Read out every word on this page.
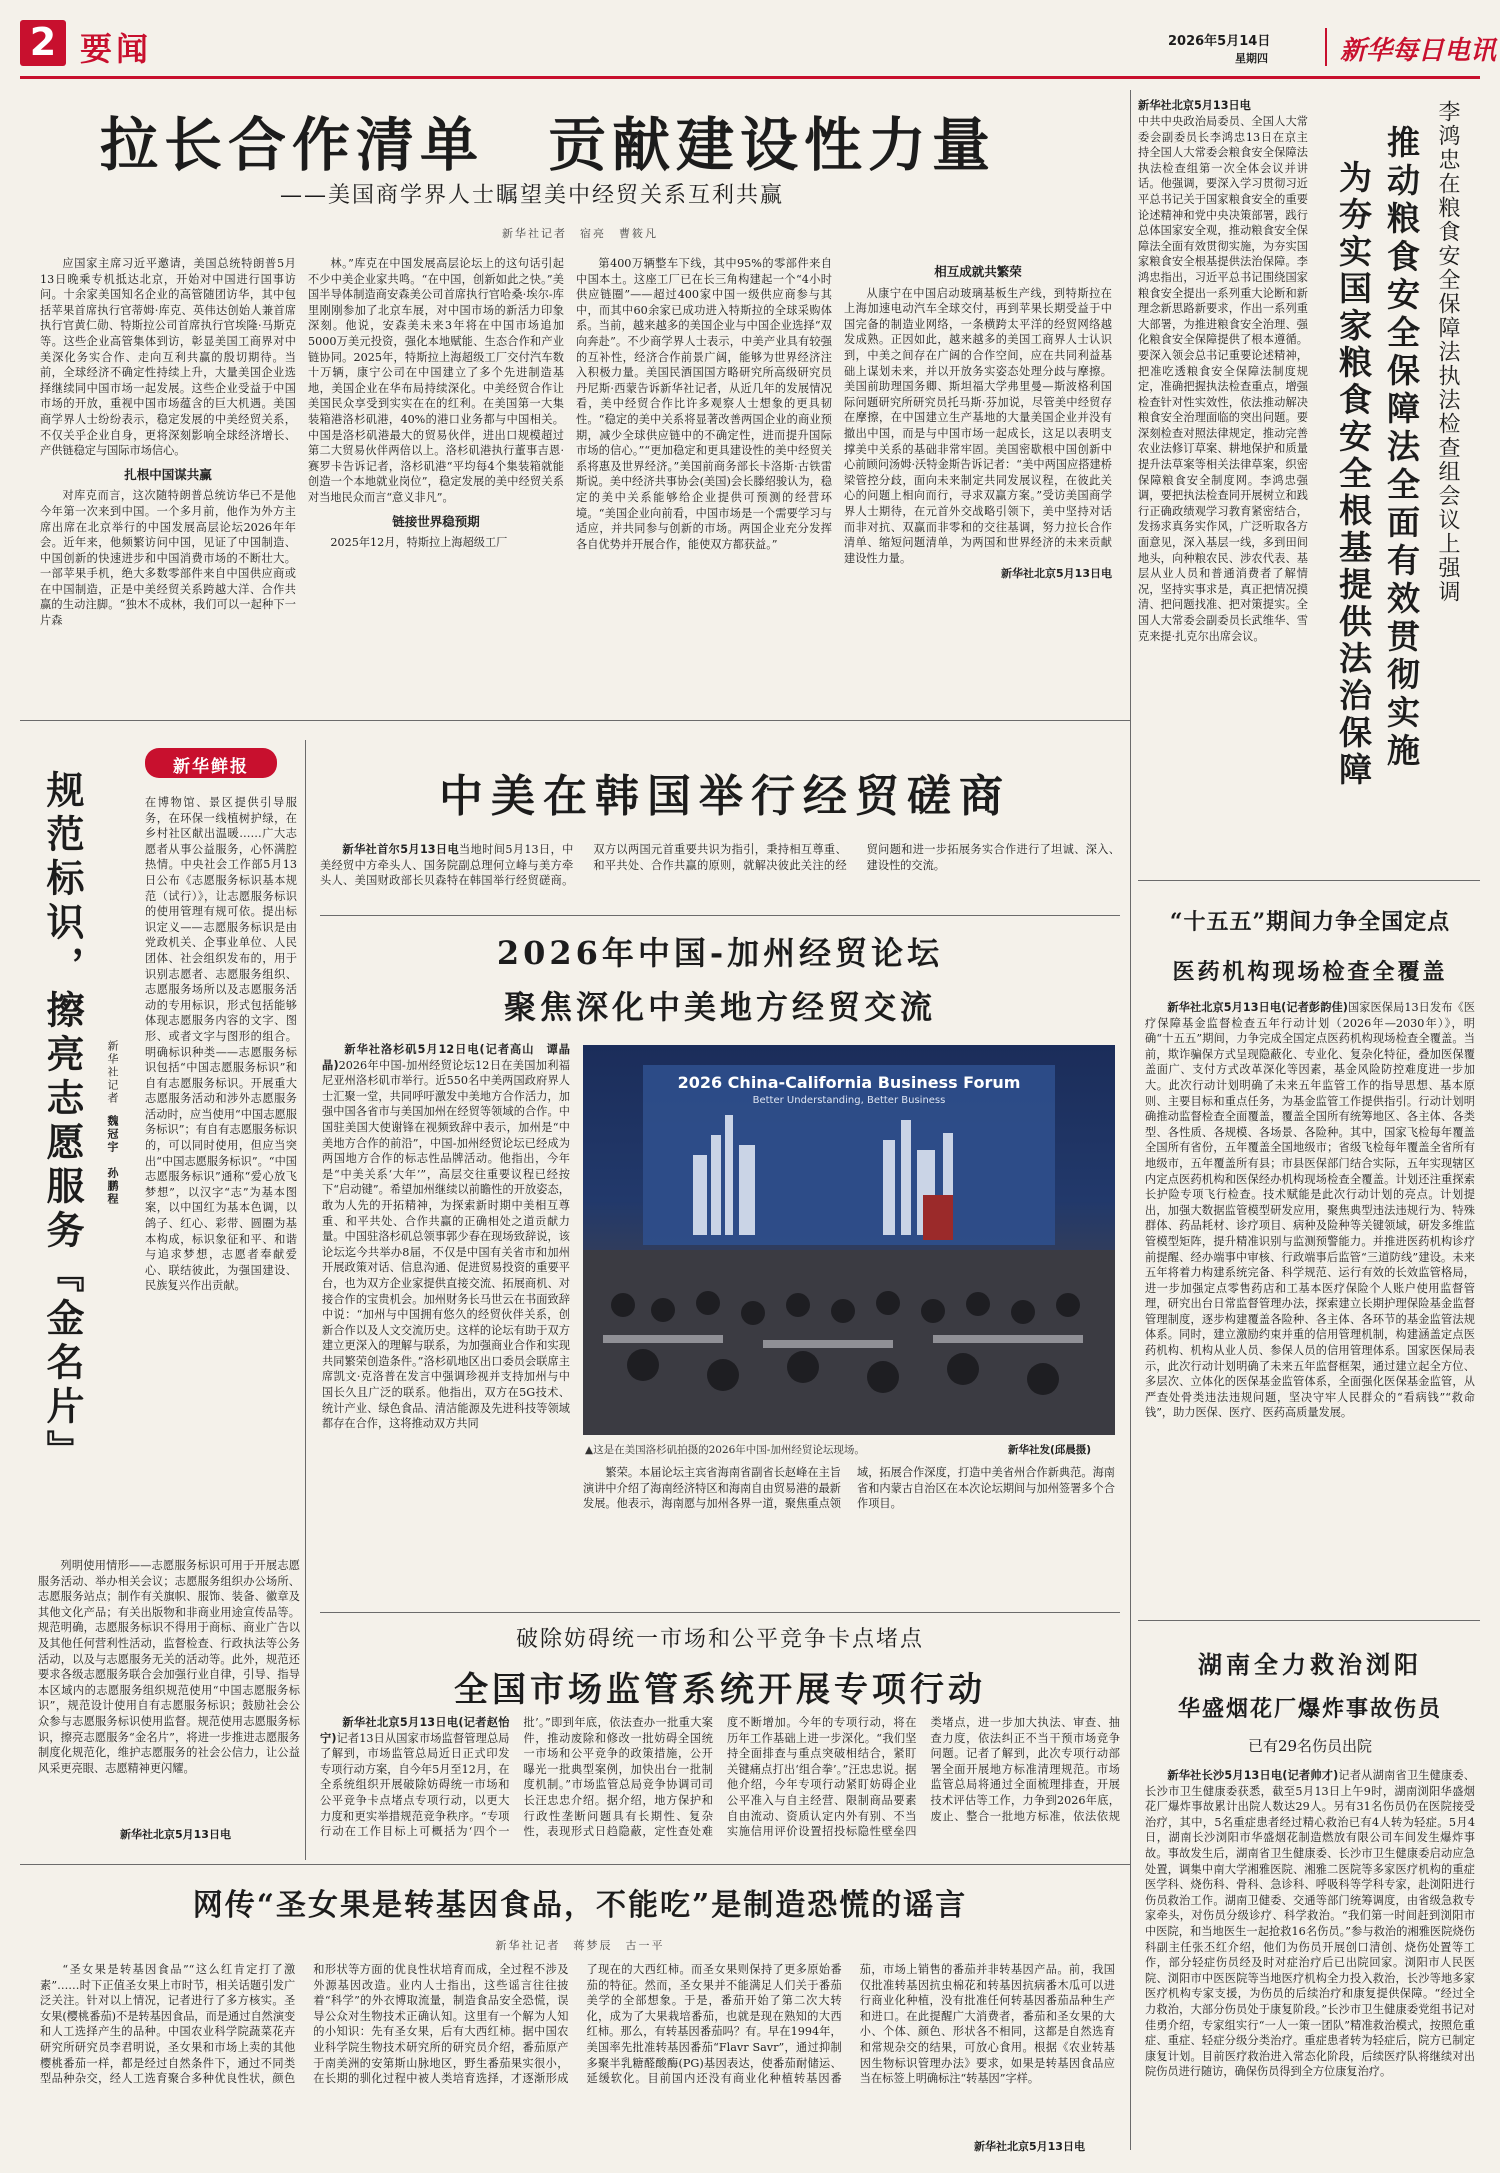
2 要闻	2026年5月14日
星期四	新华每日电讯
拉长合作清单　贡献建设性力量
——美国商学界人士瞩望美中经贸关系互利共赢
新华社记者　宿亮　曹筱凡

应国家主席习近平邀请，美国总统特朗普5月13日晚乘专机抵达北京，开始对中国进行国事访问。十余家美国知名企业的高管随团访华，其中包括苹果首席执行官蒂姆·库克、英伟达创始人兼首席执行官黄仁勋、特斯拉公司首席执行官埃隆·马斯克等。这些企业高管集体到访，彰显美国工商界对中美深化务实合作、走向互利共赢的殷切期待。当前，全球经济不确定性持续上升，大量美国企业选择继续同中国市场一起发展。这些企业受益于中国市场的开放，重视中国市场蕴含的巨大机遇。美国商学界人士纷纷表示，稳定发展的中美经贸关系，不仅关乎企业自身，更将深刻影响全球经济增长、产供链稳定与国际市场信心。

扎根中国谋共赢

对库克而言，这次随特朗普总统访华已不是他今年第一次来到中国。一个多月前，他作为外方主席出席在北京举行的中国发展高层论坛2026年年会。近年来，他频繁访问中国，见证了中国制造、中国创新的快速进步和中国消费市场的不断壮大。一部苹果手机，绝大多数零部件来自中国供应商或在中国制造，正是中美经贸关系跨越大洋、合作共赢的生动注脚。“独木不成林，我们可以一起种下一片森

林。”库克在中国发展高层论坛上的这句话引起不少中美企业家共鸣。“在中国，创新如此之快。”美国半导体制造商安森美公司首席执行官哈桑·埃尔-库里刚刚参加了北京车展，对中国市场的新活力印象深刻。他说，安森美未来3年将在中国市场追加5000万美元投资，强化本地赋能、生态合作和产业链协同。2025年，特斯拉上海超级工厂交付汽车数十万辆，康宁公司在中国建立了多个先进制造基地，美国企业在华布局持续深化。中美经贸合作让美国民众享受到实实在在的红利。在美国第一大集装箱港洛杉矶港，40%的港口业务都与中国相关。中国是洛杉矶港最大的贸易伙伴，进出口规模超过第二大贸易伙伴两倍以上。洛杉矶港执行董事吉恩·赛罗卡告诉记者，洛杉矶港“平均每4个集装箱就能创造一个本地就业岗位”，稳定发展的美中经贸关系对当地民众而言“意义非凡”。

链接世界稳预期

2025年12月，特斯拉上海超级工厂

第400万辆整车下线，其中95%的零部件来自中国本土。这座工厂已在长三角构建起一个“4小时供应链圈”——超过400家中国一级供应商参与其中，而其中60余家已成功进入特斯拉的全球采购体系。当前，越来越多的美国企业与中国企业选择“双向奔赴”。不少商学界人士表示，中美产业具有较强的互补性，经济合作前景广阔，能够为世界经济注入积极力量。美国民酒国国方略研究所高级研究员丹尼斯·西蒙告诉新华社记者，从近几年的发展情况看，美中经贸合作比许多观察人士想象的更具韧性。“稳定的美中关系将显著改善两国企业的商业预期，减少全球供应链中的不确定性，进而提升国际市场的信心。”“更加稳定和更具建设性的美中经贸关系将惠及世界经济。”美国前商务部长卡洛斯·古铁雷斯说。美中经济共事协会(美国)会长滕绍骏认为，稳定的美中关系能够给企业提供可预测的经营环境。“美国企业向前看，中国市场是一个需要学习与适应，并共同参与创新的市场。两国企业充分发挥各自优势并开展合作，能使双方都获益。”

相互成就共繁荣

从康宁在中国启动玻璃基板生产线，到特斯拉在上海加速电动汽车全球交付，再到苹果长期受益于中国完备的制造业网络，一条横跨太平洋的经贸网络越发成熟。正因如此，越来越多的美国工商界人士认识到，中美之间存在广阔的合作空间，应在共同利益基础上谋划未来，并以开放务实姿态处理分歧与摩擦。美国前助理国务卿、斯坦福大学弗里曼—斯波格利国际问题研究所研究员托马斯·芬加说，尽管美中经贸存在摩擦，在中国建立生产基地的大量美国企业并没有撤出中国，而是与中国市场一起成长，这足以表明支撑美中关系的基础非常牢固。美国密歇根中国创新中心前顾问汤姆·沃特金斯告诉记者：“美中两国应搭建桥梁管控分歧，面向未来制定共同发展议程，在彼此关心的问题上相向而行，寻求双赢方案。”受访美国商学界人士期待，在元首外交战略引领下，美中坚持对话而非对抗、双赢而非零和的交往基调，努力拉长合作清单、缩短问题清单，为两国和世界经济的未来贡献建设性力量。

新华社北京5月13日电

新华社北京5月13日电
中共中央政治局委员、全国人大常委会副委员长李鸿忠13日在京主持全国人大常委会粮食安全保障法执法检查组第一次全体会议并讲话。他强调，要深入学习贯彻习近平总书记关于国家粮食安全的重要论述精神和党中央决策部署，践行总体国家安全观，推动粮食安全保障法全面有效贯彻实施，为夯实国家粮食安全根基提供法治保障。李鸿忠指出，习近平总书记围绕国家粮食安全提出一系列重大论断和新理念新思路新要求，作出一系列重大部署，为推进粮食安全治理、强化粮食安全保障提供了根本遵循。要深入领会总书记重要论述精神，把准吃透粮食安全保障法制度规定，准确把握执法检查重点，增强检查针对性实效性，依法推动解决粮食安全治理面临的突出问题。要深刻检查对照法律规定，推动完善农业法修订草案、耕地保护和质量提升法草案等相关法律草案，织密保障粮食安全制度网。李鸿忠强调，要把执法检查同开展树立和践行正确政绩观学习教育紧密结合，发扬求真务实作风，广泛听取各方面意见，深入基层一线，多到田间地头，向种粮农民、涉农代表、基层从业人员和普通消费者了解情况，坚持实事求是，真正把情况摸清、把问题找准、把对策提实。全国人大常委会副委员长武维华、雪克来提·扎克尔出席会议。	推动粮食安全保障法全面有效贯彻实施
为夯实国家粮食安全根基提供法治保障	李鸿忠在粮食安全保障法执法检查组会议上强调
“十五五”期间力争全国定点
医药机构现场检查全覆盖

新华社北京5月13日电(记者彭韵佳)国家医保局13日发布《医疗保障基金监督检查五年行动计划（2026年—2030年）》，明确“十五五”期间，力争完成全国定点医药机构现场检查全覆盖。当前，欺诈骗保方式呈现隐蔽化、专业化、复杂化特征，叠加医保覆盖面广、支付方式改革深化等因素，基金风险防控难度进一步加大。此次行动计划明确了未来五年监管工作的指导思想、基本原则、主要目标和重点任务，为基金监管工作提供指引。行动计划明确推动监督检查全面覆盖，覆盖全国所有统筹地区、各主体、各类型、各性质、各规模、各场景、各险种。其中，国家飞检每年覆盖全国所有省份，五年覆盖全国地级市；省级飞检每年覆盖全省所有地级市，五年覆盖所有县；市县医保部门结合实际，五年实现辖区内定点医药机构和医保经办机构现场检查全覆盖。计划还注重探索长护险专项飞行检查。技术赋能是此次行动计划的亮点。计划提出，加强大数据监管模型研发应用，聚焦典型违法违规行为、特殊群体、药品耗材、诊疗项目、病种及险种等关键领域，研发多维监管模型矩阵，提升精准识别与监测预警能力。并推进医药机构诊疗前提醒、经办端事中审核、行政端事后监管“三道防线”建设。未来五年将着力构建系统完备、科学规范、运行有效的长效监管格局，进一步加强定点零售药店和工基本医疗保险个人账户使用监督管理，研究出台日常监督管理办法，探索建立长期护理保险基金监督管理制度，逐步构建覆盖各险种、各主体、各环节的基金监管法规体系。同时，建立激励约束并重的信用管理机制，构建涵盖定点医药机构、机构从业人员、参保人员的信用管理体系。国家医保局表示，此次行动计划明确了未来五年监督框架，通过建立起全方位、多层次、立体化的医保基金监管体系，全面强化医保基金监管，从严查处骨类违法违规问题，坚决守牢人民群众的“看病钱”“救命钱”，助力医保、医疗、医药高质量发展。

湖南全力救治浏阳
华盛烟花厂爆炸事故伤员
已有29名伤员出院

新华社长沙5月13日电(记者帅才)记者从湖南省卫生健康委、长沙市卫生健康委获悉，截至5月13日上午9时，湖南浏阳华盛烟花厂爆炸事故累计出院人数达29人。另有31名伤员仍在医院接受治疗，其中，5名重症患者经过精心救治已有4人转为轻症。5月4日，湖南长沙浏阳市华盛烟花制造燃放有限公司车间发生爆炸事故。事故发生后，湖南省卫生健康委、长沙市卫生健康委启动应急处置，调集中南大学湘雅医院、湘雅二医院等多家医疗机构的重症医学科、烧伤科、骨科、急诊科、呼吸科等学科专家，赴浏阳进行伤员救治工作。湖南卫健委、交通等部门统筹调度，由省级急救专家牵头，对伤员分级诊疗、科学救治。“我们第一时间赶到浏阳市中医院，和当地医生一起抢救16名伤员。”参与救治的湘雅医院烧伤科副主任张丕红介绍，他们为伤员开展创口清创、烧伤处置等工作，部分轻症伤员经及时对症治疗后已出院回家。浏阳市人民医院、浏阳市中医医院等当地医疗机构全力投入救治，长沙等地多家医疗机构专家支援，为伤员的后续治疗和康复提供保障。“经过全力救治，大部分伤员处于康复阶段。”长沙市卫生健康委党组书记对佳勇介绍，专家组实行“一人一策一团队”精准救治模式，按照危重症、重症、轻症分级分类治疗。重症患者转为轻症后，院方已制定康复计划。目前医疗救治进入常态化阶段，后续医疗队将继续对出院伤员进行随访，确保伤员得到全方位康复治疗。

新华鲜报
规范标识，擦亮志愿服务『金名片』	新华社记者
魏冠宇　孙鹏程
在博物馆、景区提供引导服务，在环保一线植树护绿，在乡村社区献出温暖……广大志愿者从事公益服务，心怀满腔热情。中央社会工作部5月13日公布《志愿服务标识基本规范（试行）》，让志愿服务标识的使用管理有规可依。提出标识定义——志愿服务标识是由党政机关、企事业单位、人民团体、社会组织发布的，用于识别志愿者、志愿服务组织、志愿服务场所以及志愿服务活动的专用标识，形式包括能够体现志愿服务内容的文字、图形、或者文字与图形的组合。明确标识种类——志愿服务标识包括“中国志愿服务标识”和自有志愿服务标识。开展重大志愿服务活动和涉外志愿服务活动时，应当使用“中国志愿服务标识”；有自有志愿服务标识的，可以同时使用，但应当突出“中国志愿服务标识”。“中国志愿服务标识”通称“爱心放飞梦想”，以汉字“志”为基本图案，以中国红为基本色调，以鸽子、红心、彩带、圆圈为基本构成，标识象征和平、和谐与追求梦想，志愿者奉献爱心、联结彼此，为强国建设、民族复兴作出贡献。

列明使用情形——志愿服务标识可用于开展志愿服务活动、举办相关会议；志愿服务组织办公场所、志愿服务站点；制作有关旗帜、服饰、装备、徽章及其他文化产品；有关出版物和非商业用途宣传品等。规范明确，志愿服务标识不得用于商标、商业广告以及其他任何营利性活动，监督检查、行政执法等公务活动，以及与志愿服务无关的活动等。此外，规范还要求各级志愿服务联合会加强行业自律，引导、指导本区域内的志愿服务组织规范使用“中国志愿服务标识”，规范设计使用自有志愿服务标识；鼓励社会公众参与志愿服务标识使用监督。规范使用志愿服务标识，擦亮志愿服务“金名片”，将进一步推进志愿服务制度化规范化，维护志愿服务的社会公信力，让公益风采更亮眼、志愿精神更闪耀。

新华社北京5月13日电
中美在韩国举行经贸磋商

新华社首尔5月13日电当地时间5月13日，中美经贸中方牵头人、国务院副总理何立峰与美方牵头人、美国财政部长贝森特在韩国举行经贸磋商。双方以两国元首重要共识为指引，秉持相互尊重、和平共处、合作共赢的原则，就解决彼此关注的经贸问题和进一步拓展务实合作进行了坦诚、深入、建设性的交流。

2026年中国-加州经贸论坛
聚焦深化中美地方经贸交流

新华社洛杉矶5月12日电(记者高山　谭晶晶)2026年中国-加州经贸论坛12日在美国加利福尼亚州洛杉矶市举行。近550名中美两国政府界人士汇聚一堂，共同呼吁激发中美地方合作活力，加强中国各省市与美国加州在经贸等领域的合作。中国驻美国大使谢锋在视频致辞中表示，加州是“中美地方合作的前沿”，中国-加州经贸论坛已经成为两国地方合作的标志性品牌活动。他指出，今年是“中美关系‘大年’”，高层交往重要议程已经按下“启动键”。希望加州继续以前瞻性的开放姿态，敢为人先的开拓精神，为探索新时期中美相互尊重、和平共处、合作共赢的正确相处之道贡献力量。中国驻洛杉矶总领事郭少春在现场致辞说，该论坛迄今共举办8届，不仅是中国有关省市和加州开展政策对话、信息沟通、促进贸易投资的重要平台，也为双方企业家提供直接交流、拓展商机、对接合作的宝贵机会。加州财务长马世云在书面致辞中说：“加州与中国拥有悠久的经贸伙伴关系，创新合作以及人文交流历史。这样的论坛有助于双方建立更深入的理解与联系，为加强商业合作和实现共同繁荣创造条件。”洛杉矶地区出口委员会联席主席凯文·克洛普在发言中强调珍视并支持加州与中国长久且广泛的联系。他指出，双方在5G技术、统计产业、绿色食品、清洁能源及先进科技等领域都存在合作，这将推动双方共同

2026 China-California Business Forum
Better Understanding, Better Business
▲这是在美国洛杉矶拍摄的2026年中国-加州经贸论坛现场。	新华社发(邱晨摄)

繁荣。本届论坛主宾省海南省副省长赵峰在主旨演讲中介绍了海南经济特区和海南自由贸易港的最新发展。他表示，海南愿与加州各界一道，聚焦重点领域，拓展合作深度，打造中美省州合作新典范。海南省和内蒙古自治区在本次论坛期间与加州签署多个合作项目。

破除妨碍统一市场和公平竞争卡点堵点
全国市场监管系统开展专项行动

新华社北京5月13日电(记者赵怡宁)记者13日从国家市场监督管理总局了解到，市场监管总局近日正式印发专项行动方案，自今年5月至12月，在全系统组织开展破除妨碍统一市场和公平竞争卡点堵点专项行动，以更大力度和更实举措规范竞争秩序。“专项行动在工作目标上可概括为‘四个一批’。”即到年底，依法查办一批重大案件，推动废除和修改一批妨碍全国统一市场和公平竞争的政策措施，公开曝光一批典型案例，加快出台一批制度机制。”市场监管总局竞争协调司司长汪忠忠介绍。据介绍，地方保护和行政性垄断问题具有长期性、复杂性，表现形式日趋隐蔽，定性查处难度不断增加。今年的专项行动，将在历年工作基础上进一步深化。“我们坚持全面排查与重点突破相结合，紧盯关键痛点打出‘组合拳’。”汪忠忠说。据他介绍，今年专项行动紧盯妨碍企业公平准入与自主经营、限制商品要素自由流动、资质认定内外有别、不当实施信用评价设置招投标隐性壁垒四类堵点，进一步加大执法、审查、抽查力度，依法纠正不当干预市场竞争问题。记者了解到，此次专项行动部署全面开展地方标准清理规范。市场监管总局将通过全面梳理排查，开展技术评估等工作，力争到2026年底，废止、整合一批地方标准，依法依规

网传“圣女果是转基因食品，不能吃”是制造恐慌的谣言
新华社记者　蒋梦辰　古一平

“圣女果是转基因食品”“这么红肯定打了激素”……时下正值圣女果上市时节，相关话题引发广泛关注。针对以上情况，记者进行了多方核实。圣女果(樱桃番茄)不是转基因食品，而是通过自然演变和人工选择产生的品种。中国农业科学院蔬菜花卉研究所研究员李君明说，圣女果和市场上卖的其他樱桃番茄一样，都是经过自然条件下，通过不同类型品种杂交，经人工选育聚合多种优良性状，颜色和形状等方面的优良性状培育而成，全过程不涉及外源基因改造。业内人士指出，这些谣言往往披着“科学”的外衣博取流量，制造食品安全恐慌，误导公众对生物技术正确认知。这里有一个解为人知的小知识：先有圣女果，后有大西红柿。据中国农业科学院生物技术研究所的研究员介绍，番茄原产于南美洲的安第斯山脉地区，野生番茄果实很小，在长期的驯化过程中被人类培育选择，才逐渐形成了现在的大西红柿。而圣女果则保持了更多原始番茄的特征。然而，圣女果并不能满足人们关于番茄美学的全部想象。于是，番茄开始了第二次大转化，成为了大果栽培番茄，也就是现在熟知的大西红柿。那么，有转基因番茄吗？有。早在1994年，美国率先批准转基因番茄“Flavr Savr”，通过抑制多聚半乳糖醛酸酶(PG)基因表达，使番茄耐储运、延缓软化。目前国内还没有商业化种植转基因番茄，市场上销售的番茄并非转基因产品。前，我国仅批准转基因抗虫棉花和转基因抗病番木瓜可以进行商业化种植，没有批准任何转基因番茄品种生产和进口。在此提醒广大消费者，番茄和圣女果的大小、个体、颜色、形状各不相同，这都是自然选育和常规杂交的结果，可放心食用。根据《农业转基因生物标识管理办法》要求，如果是转基因食品应当在标签上明确标注“转基因”字样。

新华社北京5月13日电
